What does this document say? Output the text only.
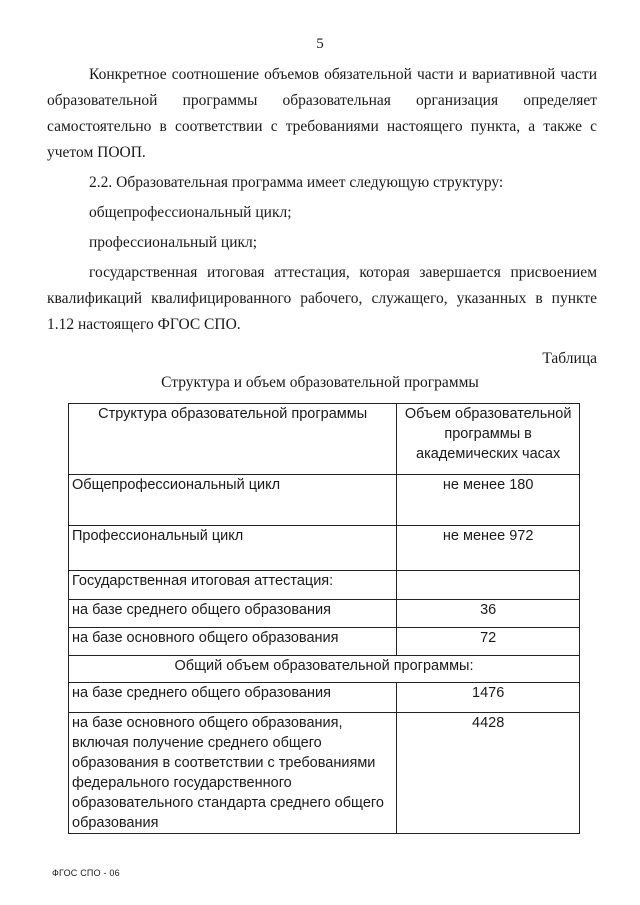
5

Конкретное соотношение объемов обязательной части и вариативной части образовательной программы образовательная организация определяет самостоятельно в соответствии с требованиями настоящего пункта, а также с учетом ПООП.

2.2. Образовательная программа имеет следующую структуру:

общепрофессиональный цикл;

профессиональный цикл;

государственная итоговая аттестация, которая завершается присвоением квалификаций квалифицированного рабочего, служащего, указанных в пункте 1.12 настоящего ФГОС СПО.

Таблица
Структура и объем образовательной программы
Структура образовательной программы	Объем образовательной программы в академических часах
Общепрофессиональный цикл	не менее 180
Профессиональный цикл	не менее 972
Государственная итоговая аттестация:	
на базе среднего общего образования	36
на базе основного общего образования	72
Общий объем образовательной программы:	
на базе среднего общего образования	1476
на базе основного общего образования, включая получение среднего общего образования в соответствии с требованиями федерального государственного образовательного стандарта среднего общего образования	4428
ФГОС СПО - 06
